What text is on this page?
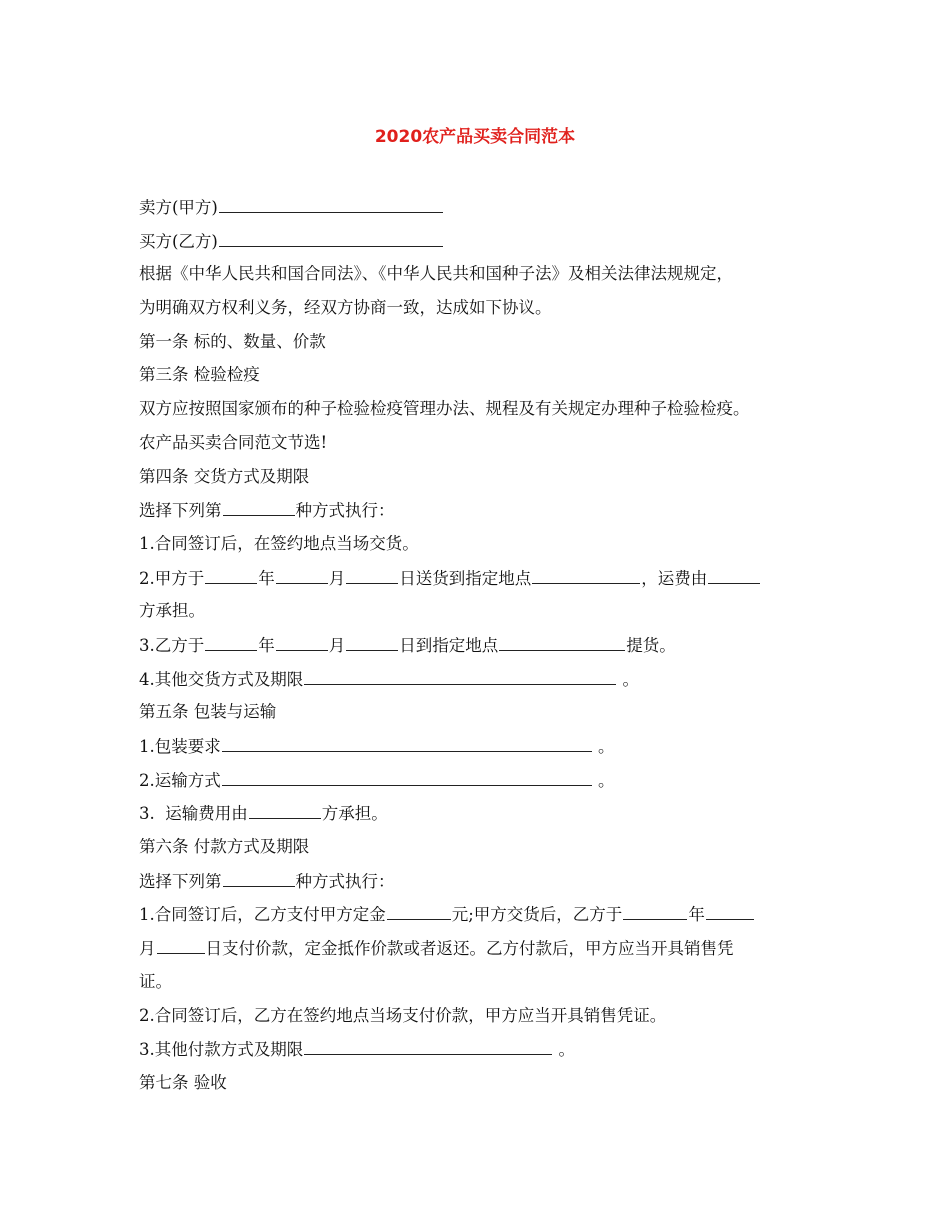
2020农产品买卖合同范本
卖方(甲方)
买方(乙方)
根据《中华人民共和国合同法》、《中华人民共和国种子法》及相关法律法规规定，
为明确双方权利义务，经双方协商一致，达成如下协议。
第一条 标的、数量、价款
第三条 检验检疫
双方应按照国家颁布的种子检验检疫管理办法、规程及有关规定办理种子检验检疫。
农产品买卖合同范文节选!
第四条 交货方式及期限
选择下列第	种方式执行：
1.合同签订后，在签约地点当场交货。
2.甲方于	年	月	日送货到指定地点	，运费由
方承担。
3.乙方于	年	月	日到指定地点	提货。
4.其他交货方式及期限	。
第五条 包装与运输
1.包装要求	。
2.运输方式	。
3.  运输费用由	方承担。
第六条 付款方式及期限
选择下列第	种方式执行：
1.合同签订后，乙方支付甲方定金	元;甲方交货后，乙方于	年
月	日支付价款，定金抵作价款或者返还。乙方付款后，甲方应当开具销售凭
证。
2.合同签订后，乙方在签约地点当场支付价款，甲方应当开具销售凭证。
3.其他付款方式及期限	。
第七条 验收
